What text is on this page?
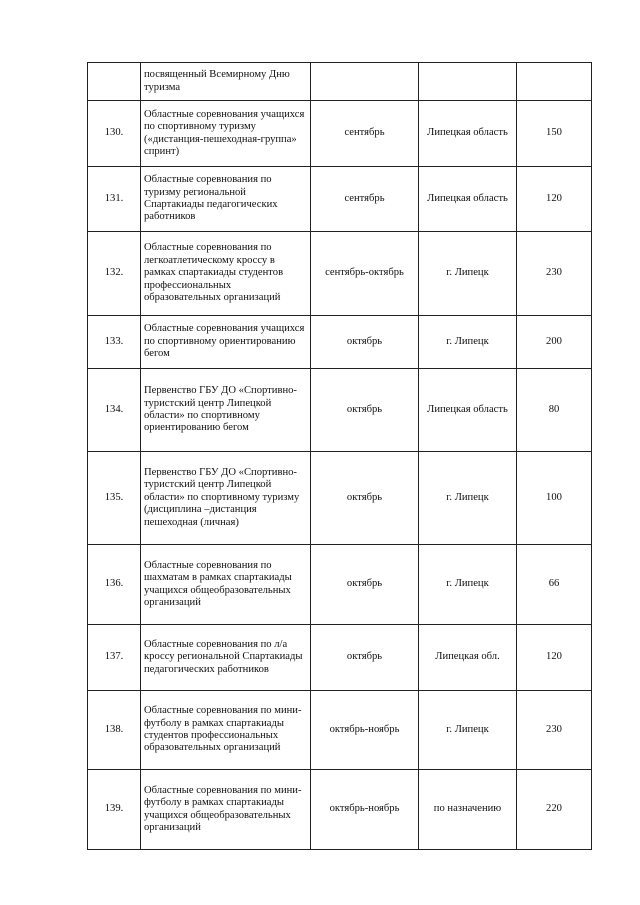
	посвященный Всемирному Дню туризма			
130.	Областные соревнования учащихся по спортивному туризму («дистанция-пешеходная-группа» спринт)	сентябрь	Липецкая область	150
131.	Областные соревнования по туризму региональной Спартакиады педагогических работников	сентябрь	Липецкая область	120
132.	Областные соревнования по легкоатлетическому кроссу в рамках спартакиады студентов профессиональных образовательных организаций	сентябрь-октябрь	г. Липецк	230
133.	Областные соревнования учащихся по спортивному ориентированию бегом	октябрь	г. Липецк	200
134.	Первенство ГБУ ДО «Спортивно-туристский центр Липецкой области» по спортивному ориентированию бегом	октябрь	Липецкая область	80
135.	Первенство ГБУ ДО «Спортивно-туристский центр Липецкой области» по спортивному туризму (дисциплина –дистанция пешеходная (личная)	октябрь	г. Липецк	100
136.	Областные соревнования по шахматам в рамках спартакиады учащихся общеобразовательных организаций	октябрь	г. Липецк	66
137.	Областные соревнования по л/а кроссу региональной Спартакиады педагогических работников	октябрь	Липецкая обл.	120
138.	Областные соревнования по мини-футболу в рамках спартакиады студентов профессиональных образовательных организаций	октябрь-ноябрь	г. Липецк	230
139.	Областные соревнования по мини-футболу в рамках спартакиады учащихся общеобразовательных организаций	октябрь-ноябрь	по назначению	220
